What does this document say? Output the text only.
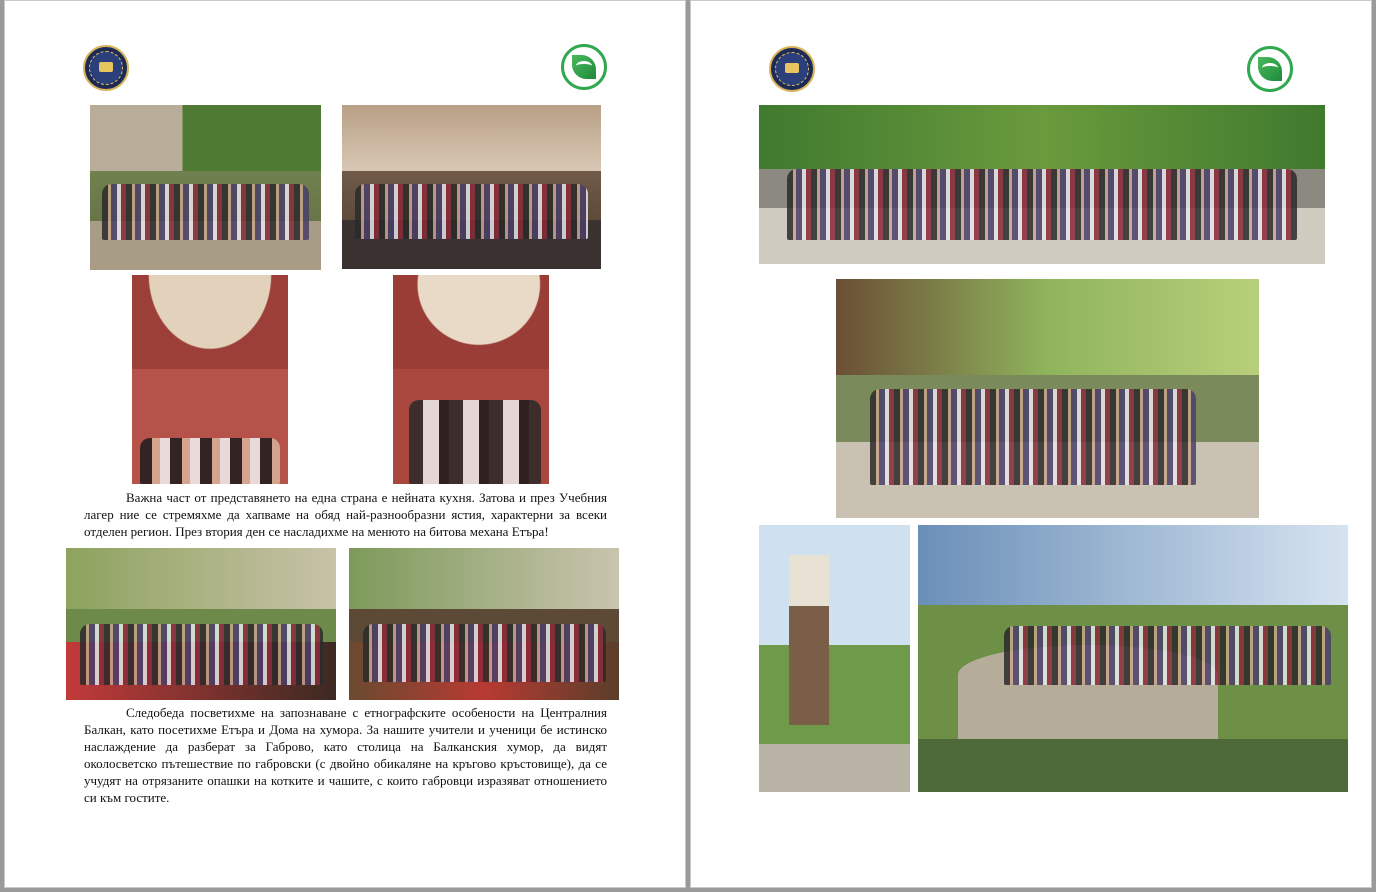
Важна част от представянето на една страна е нейната кухня. Затова и през Учебния лагер ние се стремяхме да хапваме на обяд най-разнообразни ястия, характерни за всеки отделен регион. През втория ден се насладихме на менюто на битова механа Етъра!
Следобеда посветихме на запознаване с етнографските особености на Централния Балкан, като посетихме Етъра и Дома на хумора. За нашите учители и ученици бе истинско наслаждение да разберат за Габрово, като столица на Балканския хумор, да видят околосветско пътешествие по габровски (с двойно обикаляне на кръгово кръстовище), да се учудят на отрязаните опашки на котките и чашите, с които габровци изразяват отношението си към гостите.
